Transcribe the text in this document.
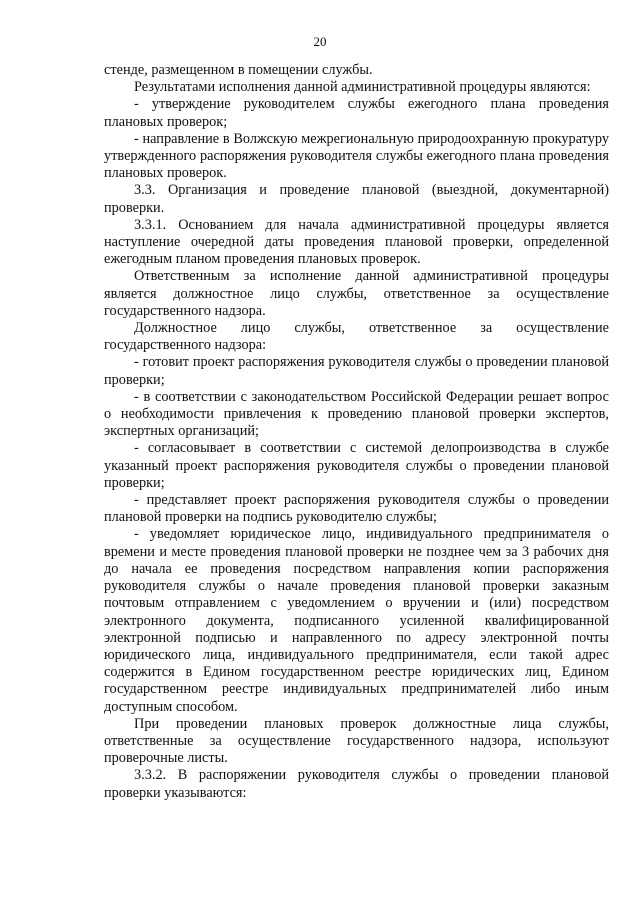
20

стенде, размещенном в помещении службы.

Результатами исполнения данной административной процедуры являются:

- утверждение руководителем службы ежегодного плана проведения плановых проверок;

- направление в Волжскую межрегиональную природоохранную прокуратуру утвержденного распоряжения руководителя службы ежегодного плана проведения плановых проверок.

3.3. Организация и проведение плановой (выездной, документарной) проверки.

3.3.1. Основанием для начала административной процедуры является наступление очередной даты проведения плановой проверки, определенной ежегодным планом проведения плановых проверок.

Ответственным за исполнение данной административной процедуры является должностное лицо службы, ответственное за осуществление государственного надзора.

Должностное лицо службы, ответственное за осуществление государственного надзора:

- готовит проект распоряжения руководителя службы о проведении плановой проверки;

- в соответствии с законодательством Российской Федерации решает вопрос о необходимости привлечения к проведению плановой проверки экспертов, экспертных организаций;

- согласовывает в соответствии с системой делопроизводства в службе указанный проект распоряжения руководителя службы о проведении плановой проверки;

- представляет проект распоряжения руководителя службы о проведении плановой проверки на подпись руководителю службы;

- уведомляет юридическое лицо, индивидуального предпринимателя о времени и месте проведения плановой проверки не позднее чем за 3 рабочих дня до начала ее проведения посредством направления копии распоряжения руководителя службы о начале проведения плановой проверки заказным почтовым отправлением с уведомлением о вручении и (или) посредством электронного документа, подписанного усиленной квалифицированной электронной подписью и направленного по адресу электронной почты юридического лица, индивидуального предпринимателя, если такой адрес содержится в Едином государственном реестре юридических лиц, Едином государственном реестре индивидуальных предпринимателей либо иным доступным способом.

При проведении плановых проверок должностные лица службы, ответственные за осуществление государственного надзора, используют проверочные листы.

3.3.2. В распоряжении руководителя службы о проведении плановой проверки указываются:
